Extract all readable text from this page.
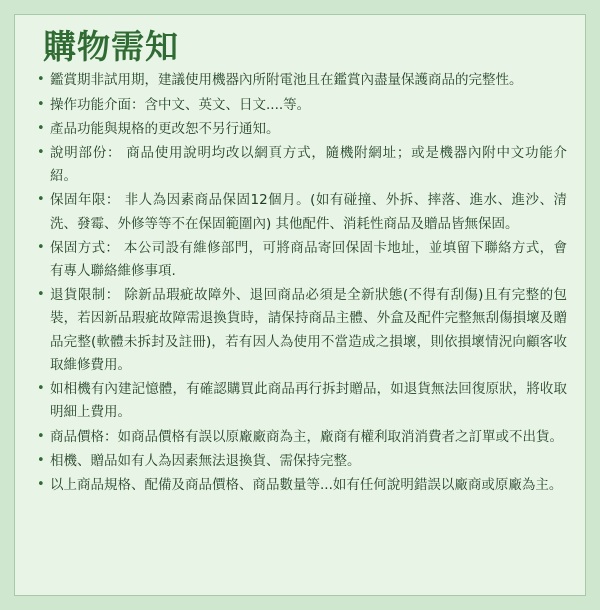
購物需知
• 鑑賞期非試用期，建議使用機器內所附電池且在鑑賞內盡量保護商品的完整性。
• 操作功能介面：含中文、英文、日文....等。
• 產品功能與規格的更改恕不另行通知。
• 說明部份： 商品使用說明均改以網頁方式，隨機附網址；或是機器內附中文功能介紹。
• 保固年限： 非人為因素商品保固12個月。(如有碰撞、外拆、摔落、進水、進沙、清洗、發霉、外修等等不在保固範圍內) 其他配件、消耗性商品及贈品皆無保固。
• 保固方式： 本公司設有維修部門，可將商品寄回保固卡地址，並填留下聯絡方式，會有專人聯絡維修事項.
• 退貨限制： 除新品瑕疵故障外、退回商品必須是全新狀態(不得有刮傷)且有完整的包裝，若因新品瑕疵故障需退換貨時，請保持商品主體、外盒及配件完整無刮傷損壞及贈品完整(軟體未拆封及註冊)，若有因人為使用不當造成之損壞，則依損壞情況向顧客收取維修費用。
• 如相機有內建記憶體，有確認購買此商品再行拆封贈品，如退貨無法回復原狀，將收取明細上費用。
• 商品價格：如商品價格有誤以原廠廠商為主，廠商有權利取消消費者之訂單或不出貨。
• 相機、贈品如有人為因素無法退換貨、需保持完整。
• 以上商品規格、配備及商品價格、商品數量等...如有任何說明錯誤以廠商或原廠為主。
